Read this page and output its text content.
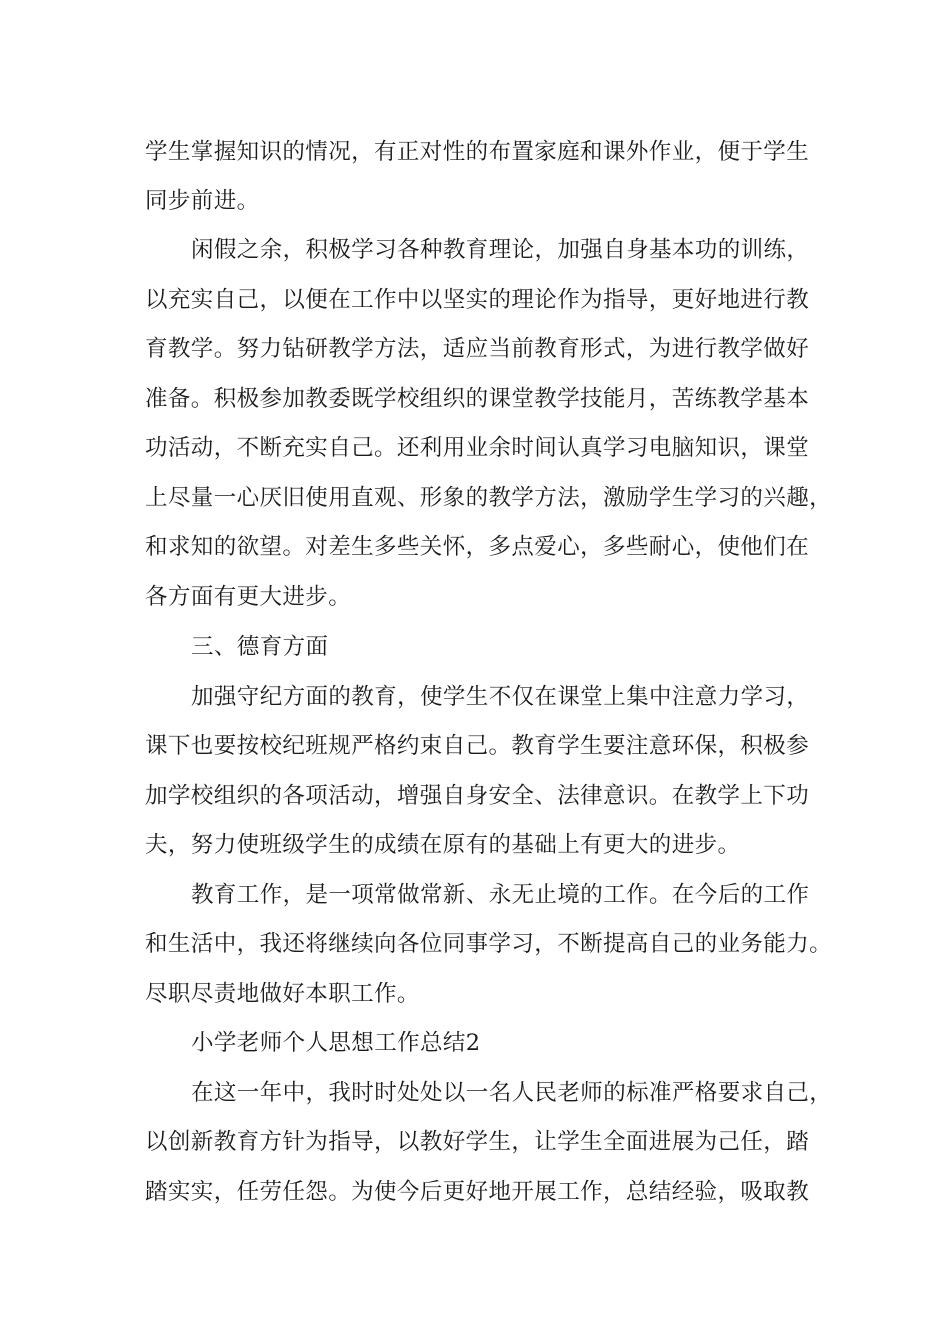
学生掌握知识的情况，有正对性的布置家庭和课外作业，便于学生
同步前进。
闲假之余，积极学习各种教育理论，加强自身基本功的训练，
以充实自己，以便在工作中以坚实的理论作为指导，更好地进行教
育教学。努力钻研教学方法，适应当前教育形式，为进行教学做好
准备。积极参加教委既学校组织的课堂教学技能月，苦练教学基本
功活动，不断充实自己。还利用业余时间认真学习电脑知识，课堂
上尽量一心厌旧使用直观、形象的教学方法，激励学生学习的兴趣，
和求知的欲望。对差生多些关怀，多点爱心，多些耐心，使他们在
各方面有更大进步。
三、德育方面
加强守纪方面的教育，使学生不仅在课堂上集中注意力学习，
课下也要按校纪班规严格约束自己。教育学生要注意环保，积极参
加学校组织的各项活动，增强自身安全、法律意识。在教学上下功
夫，努力使班级学生的成绩在原有的基础上有更大的进步。
教育工作，是一项常做常新、永无止境的工作。在今后的工作
和生活中，我还将继续向各位同事学习，不断提高自己的业务能力。
尽职尽责地做好本职工作。
小学老师个人思想工作总结2
在这一年中，我时时处处以一名人民老师的标准严格要求自己，
以创新教育方针为指导，以教好学生，让学生全面进展为己任，踏
踏实实，任劳任怨。为使今后更好地开展工作，总结经验，吸取教
